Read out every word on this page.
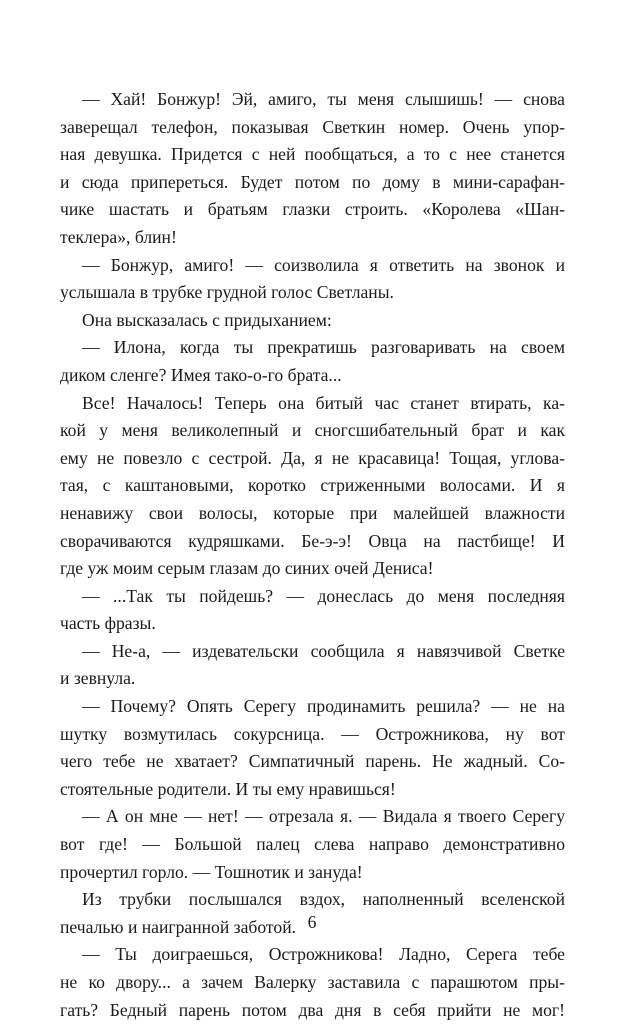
— Хай! Бонжур! Эй, амиго, ты меня слышишь! — снова
заверещал телефон, показывая Светкин номер. Очень упор-
ная девушка. Придется с ней пообщаться, а то с нее станется
и сюда припереться. Будет потом по дому в мини-сарафан-
чике шастать и братьям глазки строить. «Королева «Шан-
теклера», блин!
— Бонжур, амиго! — соизволила я ответить на звонок и
услышала в трубке грудной голос Светланы.
Она высказалась с придыханием:
— Илона, когда ты прекратишь разговаривать на своем
диком сленге? Имея тако-о-го брата...
Все! Началось! Теперь она битый час станет втирать, ка-
кой у меня великолепный и сногсшибательный брат и как
ему не повезло с сестрой. Да, я не красавица! Тощая, углова-
тая, с каштановыми, коротко стриженными волосами. И я
ненавижу свои волосы, которые при малейшей влажности
сворачиваются кудряшками. Бе-э-э! Овца на пастбище! И
где уж моим серым глазам до синих очей Дениса!
— ...Так ты пойдешь? — донеслась до меня последняя
часть фразы.
— Не-а, — издевательски сообщила я навязчивой Светке
и зевнула.
— Почему? Опять Серегу продинамить решила? — не на
шутку возмутилась сокурсница. — Острожникова, ну вот
чего тебе не хватает? Симпатичный парень. Не жадный. Со-
стоятельные родители. И ты ему нравишься!
— А он мне — нет! — отрезала я. — Видала я твоего Серегу
вот где! — Большой палец слева направо демонстративно
прочертил горло. — Тошнотик и зануда!
Из трубки послышался вздох, наполненный вселенской
печалью и наигранной заботой.
— Ты доиграешься, Острожникова! Ладно, Серега тебе
не ко двору... а зачем Валерку заставила с парашютом пры-
гать? Бедный парень потом два дня в себя прийти не мог!
6
